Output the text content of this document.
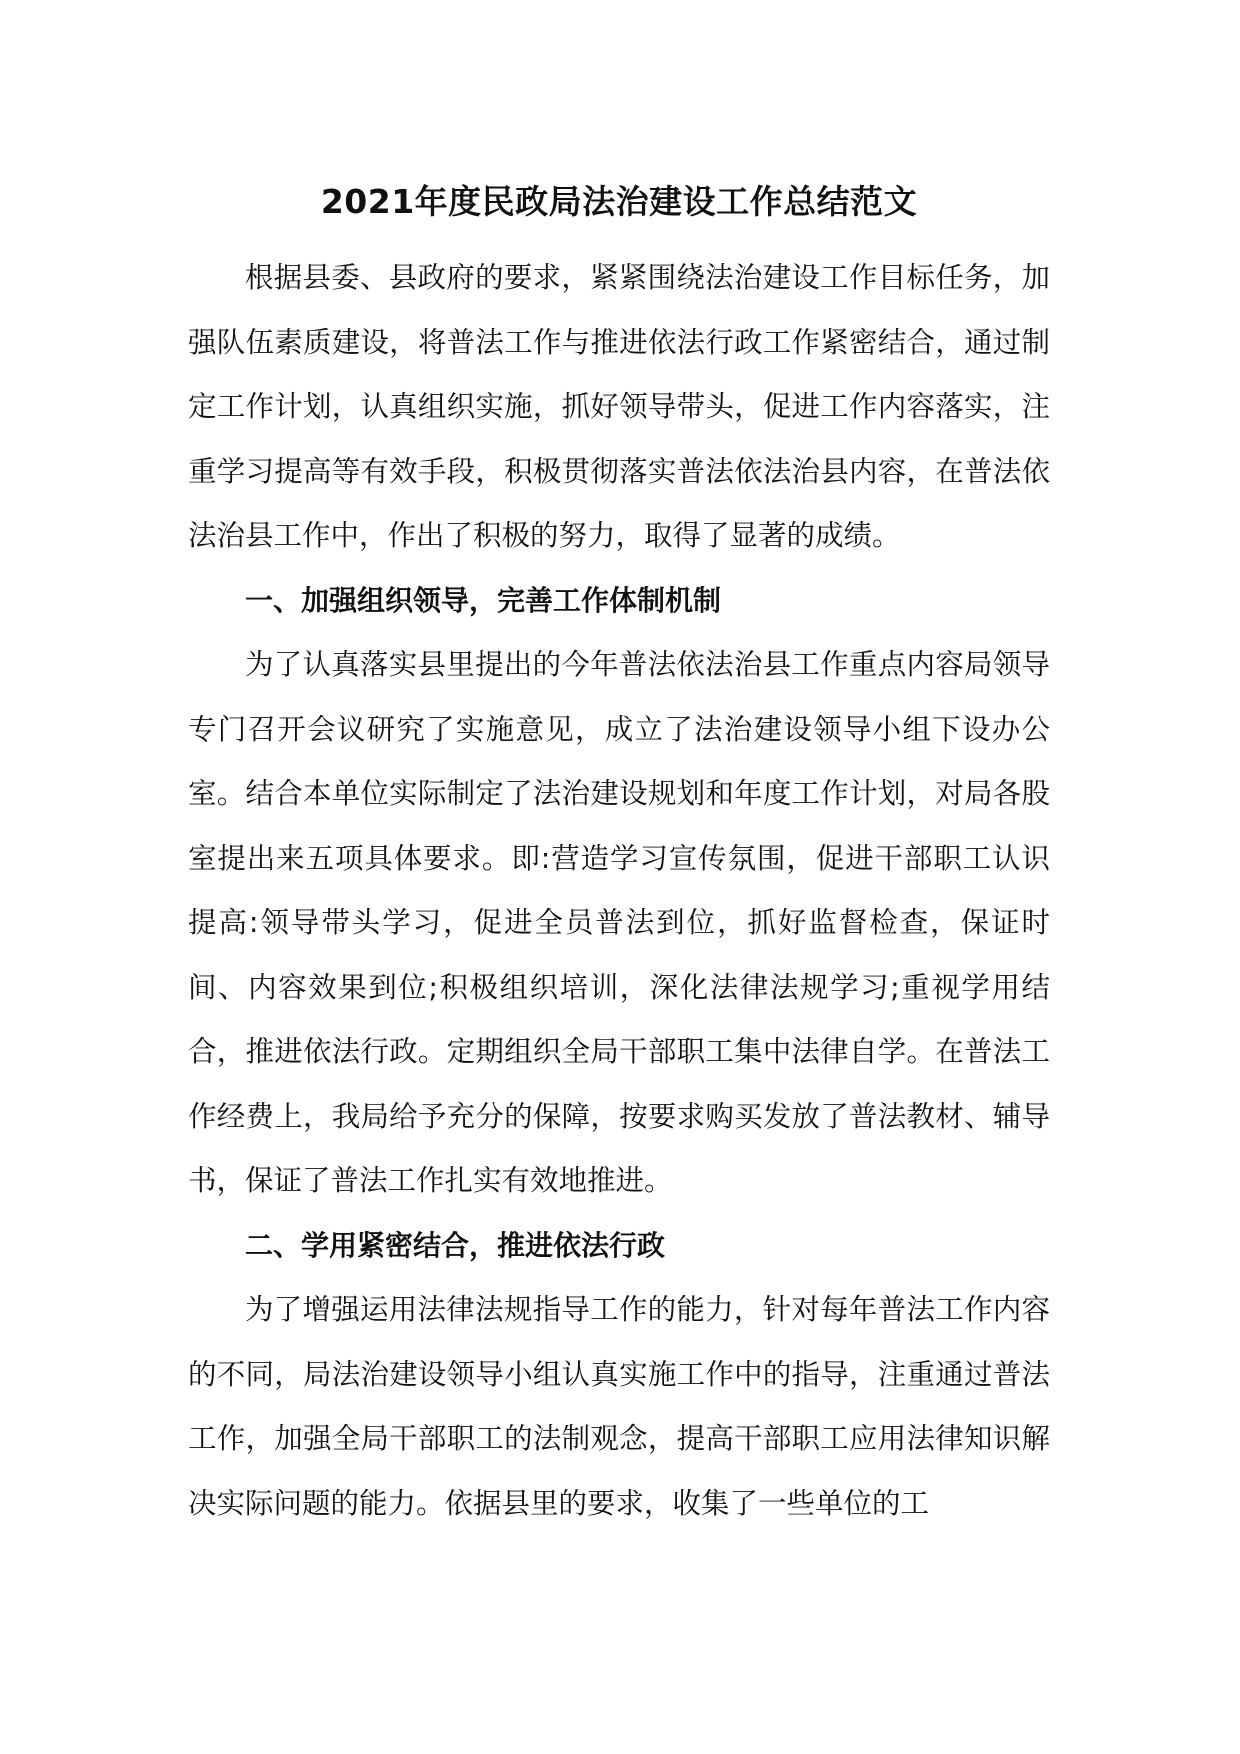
2021年度民政局法治建设工作总结范文

根据县委、县政府的要求，紧紧围绕法治建设工作目标任务，加强队伍素质建设，将普法工作与推进依法行政工作紧密结合，通过制定工作计划，认真组织实施，抓好领导带头，促进工作内容落实，注重学习提高等有效手段，积极贯彻落实普法依法治县内容，在普法依法治县工作中，作出了积极的努力，取得了显著的成绩。

一、加强组织领导，完善工作体制机制

为了认真落实县里提出的今年普法依法治县工作重点内容局领导专门召开会议研究了实施意见，成立了法治建设领导小组下设办公室。结合本单位实际制定了法治建设规划和年度工作计划，对局各股室提出来五项具体要求。即:营造学习宣传氛围，促进干部职工认识提高:领导带头学习，促进全员普法到位，抓好监督检查，保证时间、内容效果到位;积极组织培训，深化法律法规学习;重视学用结合，推进依法行政。定期组织全局干部职工集中法律自学。在普法工作经费上，我局给予充分的保障，按要求购买发放了普法教材、辅导书，保证了普法工作扎实有效地推进。

二、学用紧密结合，推进依法行政

为了增强运用法律法规指导工作的能力，针对每年普法工作内容的不同，局法治建设领导小组认真实施工作中的指导，注重通过普法工作，加强全局干部职工的法制观念，提高干部职工应用法律知识解决实际问题的能力。依据县里的要求，收集了一些单位的工
